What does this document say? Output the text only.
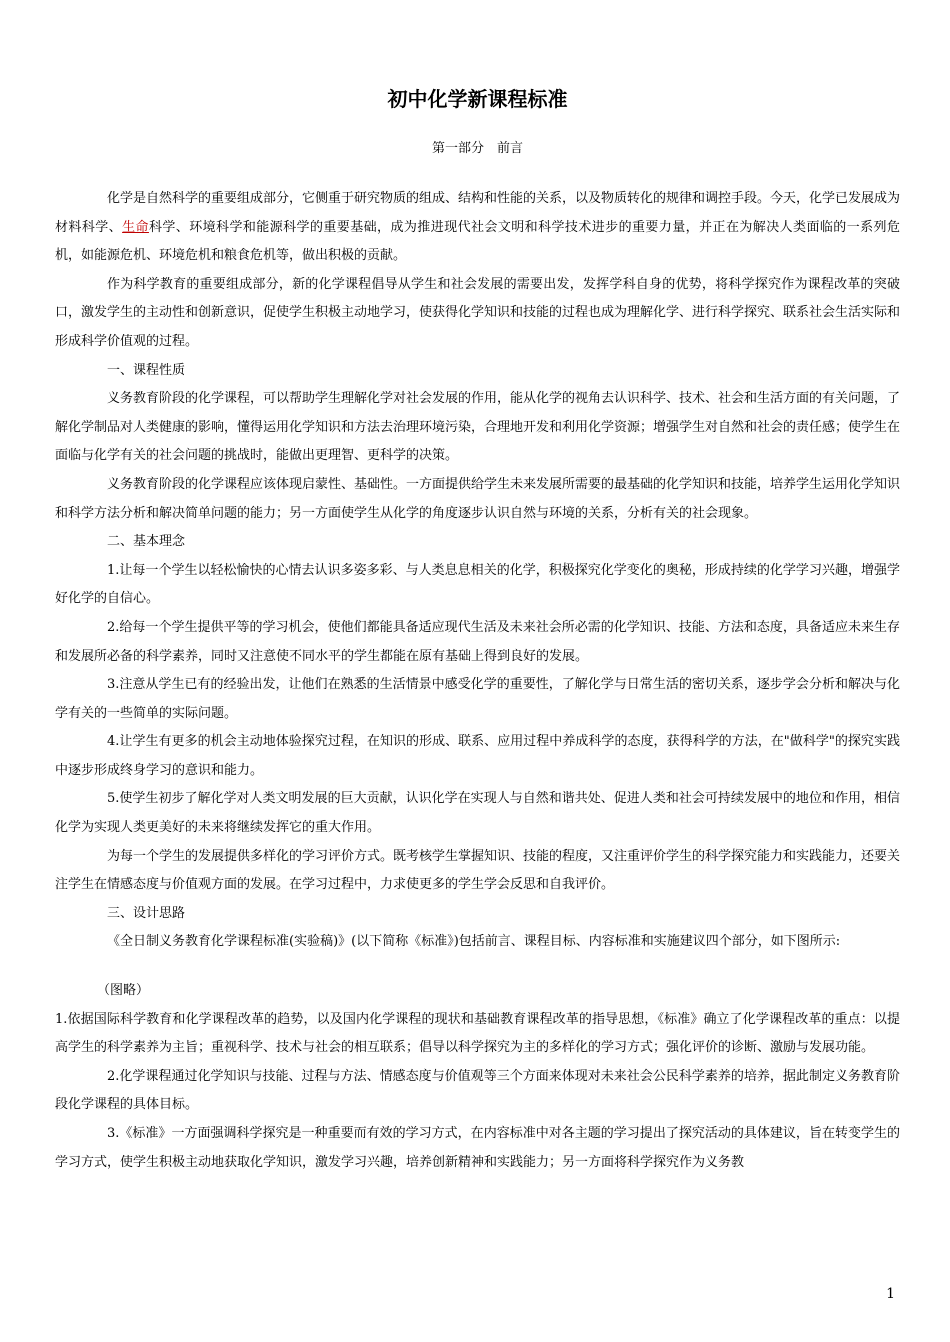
初中化学新课程标准
第一部分　前言

化学是自然科学的重要组成部分，它侧重于研究物质的组成、结构和性能的关系，以及物质转化的规律和调控手段。今天，化学已发展成为材料科学、生命科学、环境科学和能源科学的重要基础，成为推进现代社会文明和科学技术进步的重要力量，并正在为解决人类面临的一系列危机，如能源危机、环境危机和粮食危机等，做出积极的贡献。

作为科学教育的重要组成部分，新的化学课程倡导从学生和社会发展的需要出发，发挥学科自身的优势，将科学探究作为课程改革的突破口，激发学生的主动性和创新意识，促使学生积极主动地学习，使获得化学知识和技能的过程也成为理解化学、进行科学探究、联系社会生活实际和形成科学价值观的过程。

一、课程性质

义务教育阶段的化学课程，可以帮助学生理解化学对社会发展的作用，能从化学的视角去认识科学、技术、社会和生活方面的有关问题，了解化学制品对人类健康的影响，懂得运用化学知识和方法去治理环境污染，合理地开发和利用化学资源；增强学生对自然和社会的责任感；使学生在面临与化学有关的社会问题的挑战时，能做出更理智、更科学的决策。

义务教育阶段的化学课程应该体现启蒙性、基础性。一方面提供给学生未来发展所需要的最基础的化学知识和技能，培养学生运用化学知识和科学方法分析和解决简单问题的能力；另一方面使学生从化学的角度逐步认识自然与环境的关系，分析有关的社会现象。

二、基本理念

1.让每一个学生以轻松愉快的心情去认识多姿多彩、与人类息息相关的化学，积极探究化学变化的奥秘，形成持续的化学学习兴趣，增强学好化学的自信心。

2.给每一个学生提供平等的学习机会，使他们都能具备适应现代生活及未来社会所必需的化学知识、技能、方法和态度，具备适应未来生存和发展所必备的科学素养，同时又注意使不同水平的学生都能在原有基础上得到良好的发展。

3.注意从学生已有的经验出发，让他们在熟悉的生活情景中感受化学的重要性，了解化学与日常生活的密切关系，逐步学会分析和解决与化学有关的一些简单的实际问题。

4.让学生有更多的机会主动地体验探究过程，在知识的形成、联系、应用过程中养成科学的态度，获得科学的方法，在"做科学"的探究实践中逐步形成终身学习的意识和能力。

5.使学生初步了解化学对人类文明发展的巨大贡献，认识化学在实现人与自然和谐共处、促进人类和社会可持续发展中的地位和作用，相信化学为实现人类更美好的未来将继续发挥它的重大作用。

为每一个学生的发展提供多样化的学习评价方式。既考核学生掌握知识、技能的程度，又注重评价学生的科学探究能力和实践能力，还要关注学生在情感态度与价值观方面的发展。在学习过程中，力求使更多的学生学会反思和自我评价。

三、设计思路

《全日制义务教育化学课程标准(实验稿)》(以下简称《标准》)包括前言、课程目标、内容标准和实施建议四个部分，如下图所示:

（图略）

1.依据国际科学教育和化学课程改革的趋势，以及国内化学课程的现状和基础教育课程改革的指导思想，《标准》确立了化学课程改革的重点：以提高学生的科学素养为主旨；重视科学、技术与社会的相互联系；倡导以科学探究为主的多样化的学习方式；强化评价的诊断、激励与发展功能。

2.化学课程通过化学知识与技能、过程与方法、情感态度与价值观等三个方面来体现对未来社会公民科学素养的培养，据此制定义务教育阶段化学课程的具体目标。

3.《标准》一方面强调科学探究是一种重要而有效的学习方式，在内容标准中对各主题的学习提出了探究活动的具体建议，旨在转变学生的学习方式，使学生积极主动地获取化学知识，激发学习兴趣，培养创新精神和实践能力；另一方面将科学探究作为义务教

1
